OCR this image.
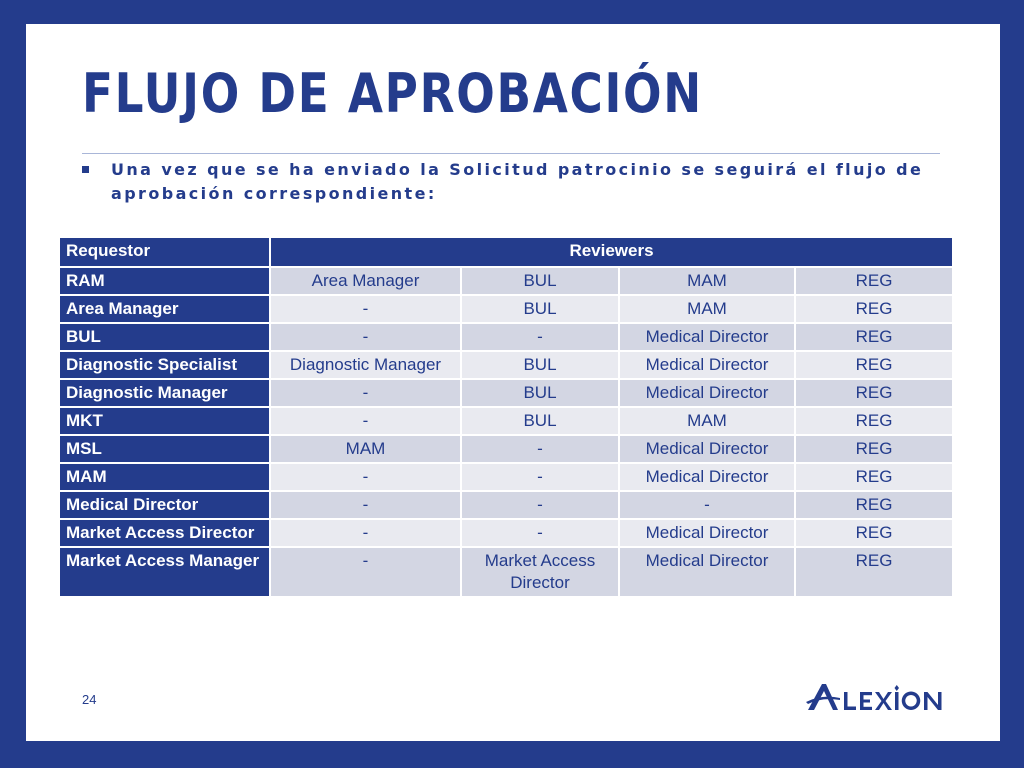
FLUJO DE APROBACIÓN
Una vez que se ha enviado la Solicitud patrocinio se seguirá el flujo de aprobación correspondiente:
Requestor	Reviewers			
RAM	Area Manager	BUL	MAM	REG
Area Manager	-	BUL	MAM	REG
BUL	-	-	Medical Director	REG
Diagnostic Specialist	Diagnostic Manager	BUL	Medical Director	REG
Diagnostic Manager	-	BUL	Medical Director	REG
MKT	-	BUL	MAM	REG
MSL	MAM	-	Medical Director	REG
MAM	-	-	Medical Director	REG
Medical Director	-	-	-	REG
Market Access Director	-	-	Medical Director	REG
Market Access Manager	-	Market Access Director	Medical Director	REG
24
